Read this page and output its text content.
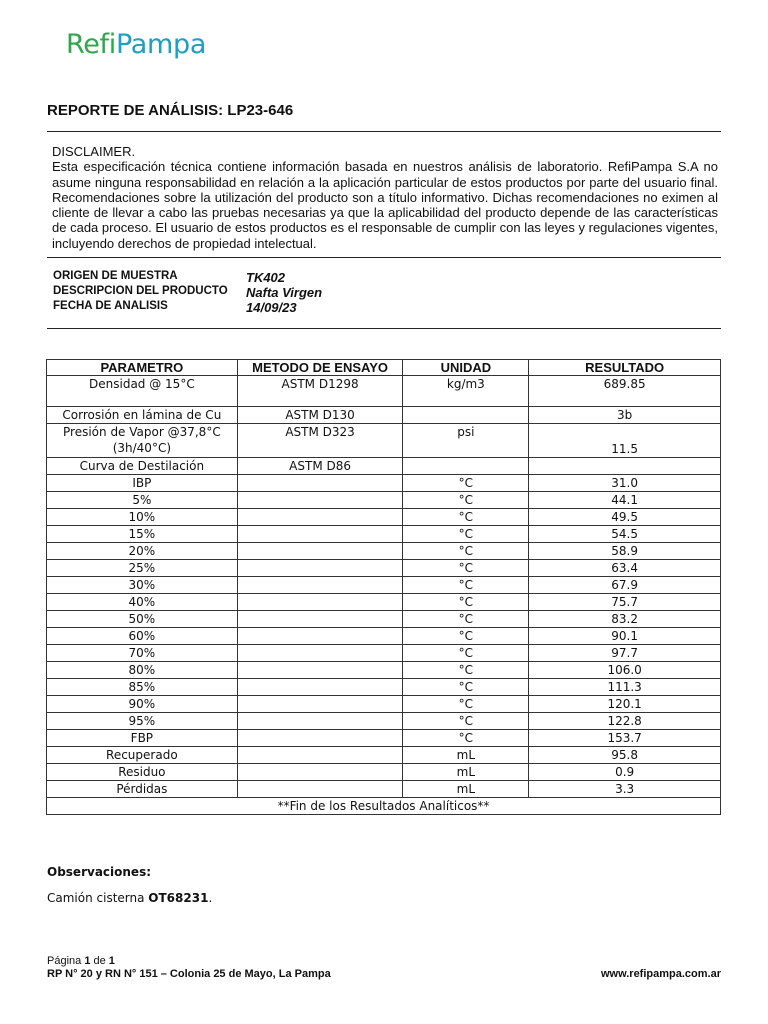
RefiPampa
REPORTE DE ANÁLISIS: LP23-646

DISCLAIMER.

Esta especificación técnica contiene información basada en nuestros análisis de laboratorio. RefiPampa S.A no asume ninguna responsabilidad en relación a la aplicación particular de estos productos por parte del usuario final. Recomendaciones sobre la utilización del producto son a título informativo. Dichas recomendaciones no eximen al cliente de llevar a cabo las pruebas necesarias ya que la aplicabilidad del producto depende de las características de cada proceso. El usuario de estos productos es el responsable de cumplir con las leyes y regulaciones vigentes, incluyendo derechos de propiedad intelectual.

ORIGEN DE MUESTRA	TK402
DESCRIPCION DEL PRODUCTO Nafta Virgen
FECHA DE ANALISIS	14/09/23
PARAMETRO	METODO DE ENSAYO	UNIDAD	RESULTADO
Densidad @ 15°C	ASTM D1298	kg/m3	689.85
Corrosión en lámina de Cu	ASTM D130		3b
Presión de Vapor @37,8°C (3h/40°C)	ASTM D323	psi	11.5
Curva de Destilación	ASTM D86		
IBP		°C	31.0
5%		°C	44.1
10%		°C	49.5
15%		°C	54.5
20%		°C	58.9
25%		°C	63.4
30%		°C	67.9
40%		°C	75.7
50%		°C	83.2
60%		°C	90.1
70%		°C	97.7
80%		°C	106.0
85%		°C	111.3
90%		°C	120.1
95%		°C	122.8
FBP		°C	153.7
Recuperado		mL	95.8
Residuo		mL	0.9
Pérdidas		mL	3.3
**Fin de los Resultados Analíticos**			
Observaciones:
Camión cisterna OT68231.
Página 1 de 1
RP N° 20 y RN N° 151 – Colonia 25 de Mayo, La Pampa	www.refipampa.com.ar
